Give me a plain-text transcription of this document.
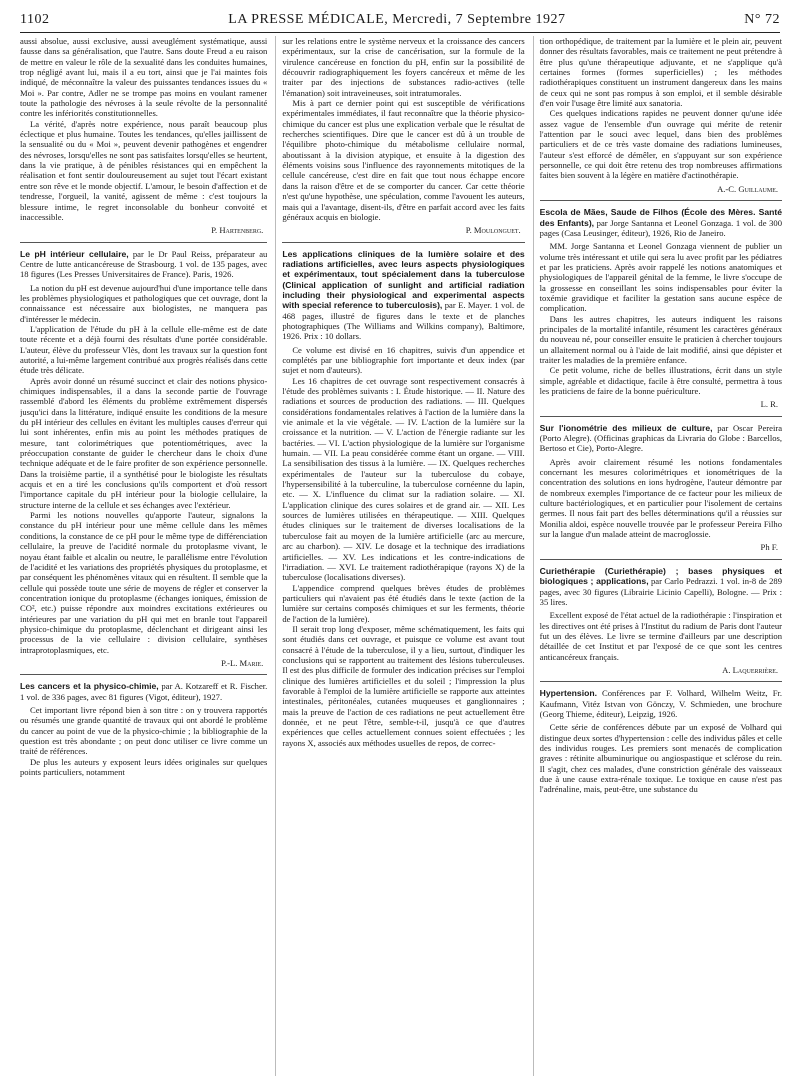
1102	LA PRESSE MÉDICALE, Mercredi, 7 Septembre 1927	N° 72

aussi absolue, aussi exclusive, aussi aveuglément systématique, aussi fausse dans sa généralisation, que l'autre. Sans doute Freud a eu raison de mettre en valeur le rôle de la sexualité dans les conduites humaines, trop négligé avant lui, mais il a eu tort, ainsi que je l'ai maintes fois indiqué, de méconnaître la valeur des puissantes tendances issues du « Moi ». Par contre, Adler ne se trompe pas moins en voulant ramener toute la pathologie des névroses à la seule révolte de la personnalité contre les infériorités constitutionnelles.

La vérité, d'après notre expérience, nous paraît beaucoup plus éclectique et plus humaine. Toutes les tendances, qu'elles jaillissent de la sensualité ou du « Moi », peuvent devenir pathogènes et engendrer des névroses, lorsqu'elles ne sont pas satisfaites lorsqu'elles se heurtent, dans la vie pratique, à de pénibles résistances qui en empêchent la réalisation et font sentir douloureusement au sujet tout l'écart existant entre son rêve et le monde objectif. L'amour, le besoin d'affection et de tendresse, l'orgueil, la vanité, agissent de même : c'est toujours la blessure intime, le regret inconsolable du bonheur convoité et inaccessible.

P. Hartenberg.

Le pH intérieur cellulaire, par le Dr Paul Reiss, préparateur au Centre de lutte anticancéreuse de Strasbourg. 1 vol. de 135 pages, avec 18 figures (Les Presses Universitaires de France). Paris, 1926.

La notion du pH est devenue aujourd'hui d'une importance telle dans les problèmes physiologiques et pathologiques que cet ouvrage, dont la connaissance est nécessaire aux biologistes, ne manquera pas d'intéresser le médecin.

L'application de l'étude du pH à la cellule elle-même est de date toute récente et a déjà fourni des résultats d'une portée considérable. L'auteur, élève du professeur Vlès, dont les travaux sur la question font autorité, a lui-même largement contribué aux progrès réalisés dans cette étude très délicate.

Après avoir donné un résumé succinct et clair des notions physico-chimiques indispensables, il a dans la seconde partie de l'ouvrage rassemblé d'abord les éléments du problème extrêmement dispersés jusqu'ici dans la littérature, indiqué ensuite les conditions de la mesure du pH intérieur des cellules en évitant les multiples causes d'erreur qui lui sont inhérentes, enfin mis au point les méthodes pratiques de mesure, tant colorimétriques que potentiométriques, avec la préoccupation constante de guider le chercheur dans le choix d'une technique adéquate et de le faire profiter de son expérience personnelle. Dans la troisième partie, il a synthétisé pour le biologiste les résultats acquis et en a tiré les conclusions qu'ils comportent et d'où ressort l'importance capitale du pH intérieur pour la biologie cellulaire, la structure interne de la cellule et ses échanges avec l'extérieur.

Parmi les notions nouvelles qu'apporte l'auteur, signalons la constance du pH intérieur pour une même cellule dans les mêmes conditions, la constance de ce pH pour le même type de différenciation cellulaire, la preuve de l'acidité normale du protoplasme vivant, le noyau étant faible et alcalin ou neutre, le parallélisme entre l'évolution de l'acidité et les variations des propriétés physiques du protoplasme, et par conséquent les phénomènes vitaux qui en résultent. Il semble que la cellule qui possède toute une série de moyens de régler et conserver la concentration ionique du protoplasme (échanges ioniques, émission de CO², etc.) puisse répondre aux moindres excitations extérieures ou intérieures par une variation du pH qui met en branle tout l'appareil physico-chimique du protoplasme, déclenchant et dirigeant ainsi les processus de la vie cellulaire : division cellulaire, synthèses intraprotoplasmiques, etc.

P.-L. Marie.

Les cancers et la physico-chimie, par A. Kotzareff et R. Fischer. 1 vol. de 336 pages, avec 81 figures (Vigot, éditeur), 1927.

Cet important livre répond bien à son titre : on y trouvera rapportés ou résumés une grande quantité de travaux qui ont abordé le problème du cancer au point de vue de la physico-chimie ; la bibliographie de la question est très abondante ; on peut donc utiliser ce livre comme un traité de références.

De plus les auteurs y exposent leurs idées originales sur quelques points particuliers, notamment

sur les relations entre le système nerveux et la croissance des cancers expérimentaux, sur la crise de cancérisation, sur la formule de la virulence cancéreuse en fonction du pH, enfin sur la possibilité de découvrir radiographiquement les foyers cancéreux et même de les traiter par des injections de substances radio-actives (telle l'émanation) soit intraveineuses, soit intratumorales.

Mis à part ce dernier point qui est susceptible de vérifications expérimentales immédiates, il faut reconnaître que la théorie physico-chimique du cancer est plus une explication verbale que le résultat de recherches scientifiques. Dire que le cancer est dû à un trouble de l'équilibre photo-chimique du métabolisme cellulaire normal, aboutissant à la division atypique, et ensuite à la digestion des éléments voisins sous l'influence des rayonnements mitotiques de la cellule cancéreuse, c'est dire en fait que tout nous échappe encore dans la raison d'être et de se comporter du cancer. Car cette théorie n'est qu'une hypothèse, une spéculation, comme l'avouent les auteurs, mais qui a l'avantage, disent-ils, d'être en parfait accord avec les faits généraux acquis en biologie.

P. Moulonguet.

Les applications cliniques de la lumière solaire et des radiations artificielles, avec leurs aspects physiologiques et expérimentaux, tout spécialement dans la tuberculose (Clinical application of sunlight and artificial radiation including their physiological and experimental aspects with special reference to tuberculosis), par E. Mayer. 1 vol. de 468 pages, illustré de figures dans le texte et de planches photographiques (The Williams and Wilkins company), Baltimore, 1926. Prix : 10 dollars.

Ce volume est divisé en 16 chapitres, suivis d'un appendice et complétés par une bibliographie fort importante et deux index (par sujet et nom d'auteurs).

Les 16 chapitres de cet ouvrage sont respectivement consacrés à l'étude des problèmes suivants : I. Étude historique. — II. Nature des radiations et sources de production des radiations. — III. Quelques considérations fondamentales relatives à l'action de la lumière dans la vie animale et la vie végétale. — IV. L'action de la lumière sur la croissance et la nutrition. — V. L'action de l'énergie radiante sur les bactéries. — VI. L'action physiologique de la lumière sur l'organisme humain. — VII. La peau considérée comme étant un organe. — VIII. La sensibilisation des tissus à la lumière. — IX. Quelques recherches expérimentales de l'auteur sur la tuberculose du cobaye, l'hypersensibilité à la tuberculine, la tuberculose cornéenne du lapin, etc. — X. L'influence du climat sur la radiation solaire. — XI. L'application clinique des cures solaires et de grand air. — XII. Les sources de lumières utilisées en thérapeutique. — XIII. Quelques études cliniques sur le traitement de diverses localisations de la tuberculose fait au moyen de la lumière artificielle (arc au mercure, arc au charbon). — XIV. Le dosage et la technique des irradiations artificielles. — XV. Les indications et les contre-indications de l'irradiation. — XVI. Le traitement radiothérapique (rayons X) de la tuberculose (localisations diverses).

L'appendice comprend quelques brèves études de problèmes particuliers qui n'avaient pas été étudiés dans le texte (action de la lumière sur certains composés chimiques et sur les ferments, théorie de l'action de la lumière).

Il serait trop long d'exposer, même schématiquement, les faits qui sont étudiés dans cet ouvrage, et puisque ce volume est avant tout consacré à l'étude de la tuberculose, il y a lieu, surtout, d'indiquer les conclusions qui se rapportent au traitement des lésions tuberculeuses. Il est des plus difficile de formuler des indication précises sur l'emploi clinique des lumières artificielles et du soleil ; l'impression la plus favorable à l'emploi de la lumière artificielle se rapporte aux atteintes intestinales, péritonéales, cutanées muqueuses et ganglionnaires ; mais la preuve de l'action de ces radiations ne peut actuellement être donnée, et ne peut l'être, semble-t-il, jusqu'à ce que d'autres expériences que celles actuellement connues soient effectuées ; les rayons X, associés aux méthodes usuelles de repos, de correc-

tion orthopédique, de traitement par la lumière et le plein air, peuvent donner des résultats favorables, mais ce traitement ne peut prétendre à être plus qu'une thérapeutique adjuvante, et ne s'applique qu'à certaines formes (formes superficielles) ; les méthodes radiothérapiques constituent un instrument dangereux dans les mains de ceux qui ne sont pas rompus à son emploi, et il semble désirable d'en voir l'usage être limité aux sanatoria.

Ces quelques indications rapides ne peuvent donner qu'une idée assez vague de l'ensemble d'un ouvrage qui mérite de retenir l'attention par le souci avec lequel, dans bien des problèmes particuliers et de ce très vaste domaine des radiations lumineuses, l'auteur s'est efforcé de démêler, en s'appuyant sur son expérience personnelle, ce qui doit être retenu des trop nombreuses affirmations faites bien souvent à la légère en matière d'actinothérapie.

A.-C. Guillaume.

Escola de Mães, Saude de Filhos (École des Mères. Santé des Enfants), par Jorge Santanna et Leonel Gonzaga. 1 vol. de 300 pages (Casa Leusinger, éditeur), 1926, Rio de Janeiro.

MM. Jorge Santanna et Leonel Gonzaga viennent de publier un volume très intéressant et utile qui sera lu avec profit par les pédiatres et par les praticiens. Après avoir rappelé les notions anatomiques et physiologiques de l'appareil génital de la femme, le livre s'occupe de la grossesse en conseillant les soins indispensables pour éviter la toxémie gravidique et faciliter la gestation sans aucune espèce de complication.

Dans les autres chapitres, les auteurs indiquent les raisons principales de la mortalité infantile, résument les caractères généraux du nouveau né, pour conseiller ensuite le praticien à chercher toujours un allaitement normal ou à l'aide de lait modifié, ainsi que dépister et traiter les maladies de la première enfance.

Ce petit volume, riche de belles illustrations, écrit dans un style simple, agréable et didactique, facile à être consulté, permettra à tous les praticiens de faire de la bonne puériculture.

L. R.

Sur l'ionométrie des milieux de culture, par Oscar Pereira (Porto Alegre). (Officinas graphicas da Livraria do Globe : Barcellos, Bertoso et Cie), Porto-Alegre.

Après avoir clairement résumé les notions fondamentales concernant les mesures colorimétriques et ionométriques de la concentration des solutions en ions hydrogène, l'auteur démontre par de nombreux exemples l'importance de ce facteur pour les milieux de culture bactériologiques, et en particulier pour l'isolement de certains germes. Il nous fait part des belles déterminations qu'il a réussies sur Monilia aldoi, espèce nouvelle trouvée par le professeur Pereira Filho sur la langue d'un malade atteint de macroglossie.

Ph F.

Curiethérapie (Curiethérapie) ; bases physiques et biologiques ; applications, par Carlo Pedrazzi. 1 vol. in-8 de 289 pages, avec 30 figures (Librairie Licinio Capelli), Bologne. — Prix : 35 lires.

Excellent exposé de l'état actuel de la radiothérapie : l'inspiration et les directives ont été prises à l'Institut du radium de Paris dont l'auteur fut un des élèves. Le livre se termine d'ailleurs par une description détaillée de cet Institut et par l'exposé de ce que sont les centres anticancéreux français.

A. Laquerrière.

Hypertension. Conférences par F. Volhard, Wilhelm Weitz, Fr. Kaufmann, Vitéz Istvan von Gönczy, V. Schmieden, une brochure (Georg Thieme, éditeur), Leipzig, 1926.

Cette série de conférences débute par un exposé de Volhard qui distingue deux sortes d'hypertension : celle des individus pâles et celle des individus rouges. Les premiers sont menacés de complication graves : rétinite albuminurique ou angiospastique et sclérose du rein. Il s'agit, chez ces malades, d'une constriction générale des vaisseaux due à une cause extra-rénale toxique. Le toxique en cause n'est pas l'adrénaline, mais, peut-être, une substance du
